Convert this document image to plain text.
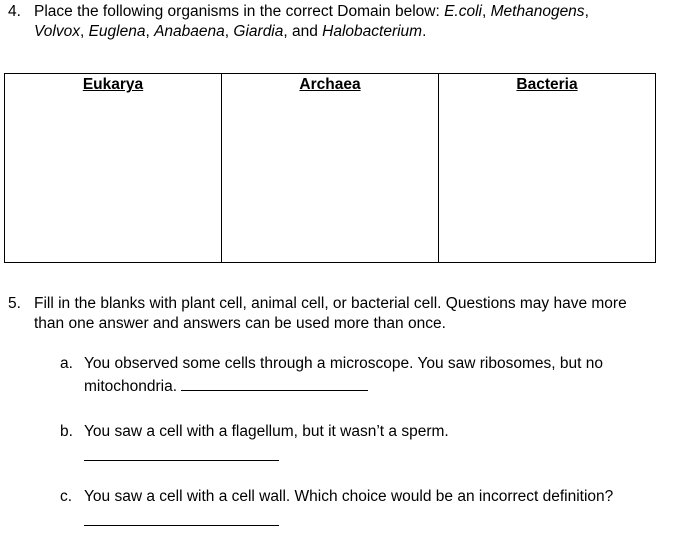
4. Place the following organisms in the correct Domain below: E.coli, Methanogens,
Volvox, Euglena, Anabaena, Giardia, and Halobacterium.
Eukarya	Archaea	Bacteria
5. Fill in the blanks with plant cell, animal cell, or bacterial cell. Questions may have more
than one answer and answers can be used more than once.
a. You observed some cells through a microscope. You saw ribosomes, but no
mitochondria.
b. You saw a cell with a flagellum, but it wasn’t a sperm.
c. You saw a cell with a cell wall. Which choice would be an incorrect definition?
